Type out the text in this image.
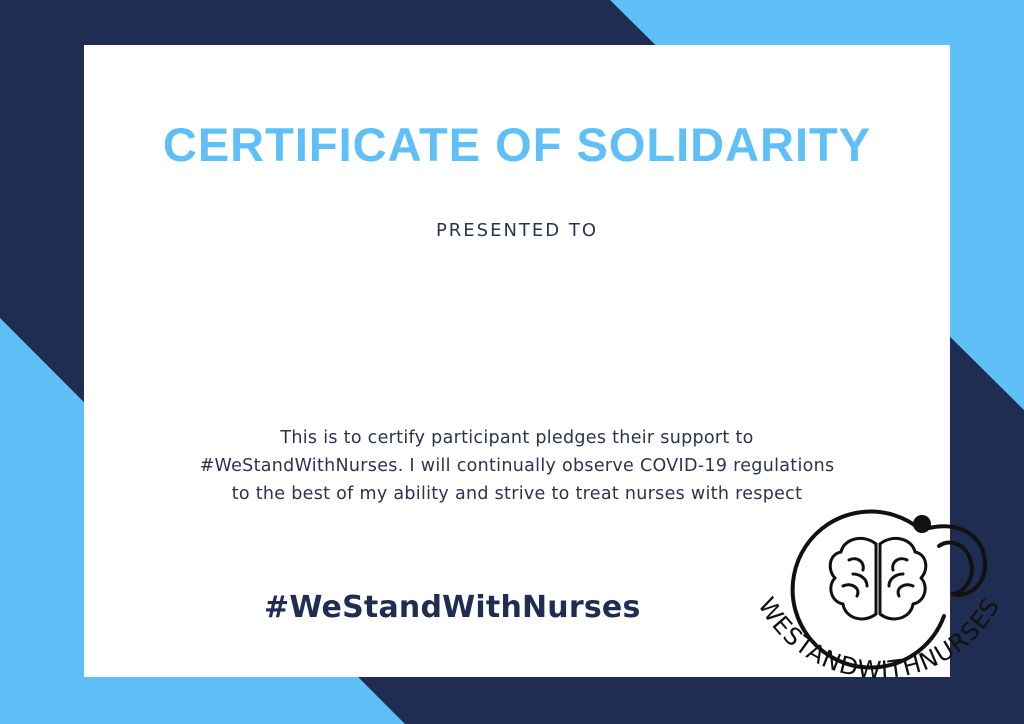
CERTIFICATE OF SOLIDARITY
PRESENTED TO
This is to certify participant pledges their support to
#WeStandWithNurses. I will continually observe COVID-19 regulations
to the best of my ability and strive to treat nurses with respect
#WeStandWithNurses	WESTANDWITHNURSES
